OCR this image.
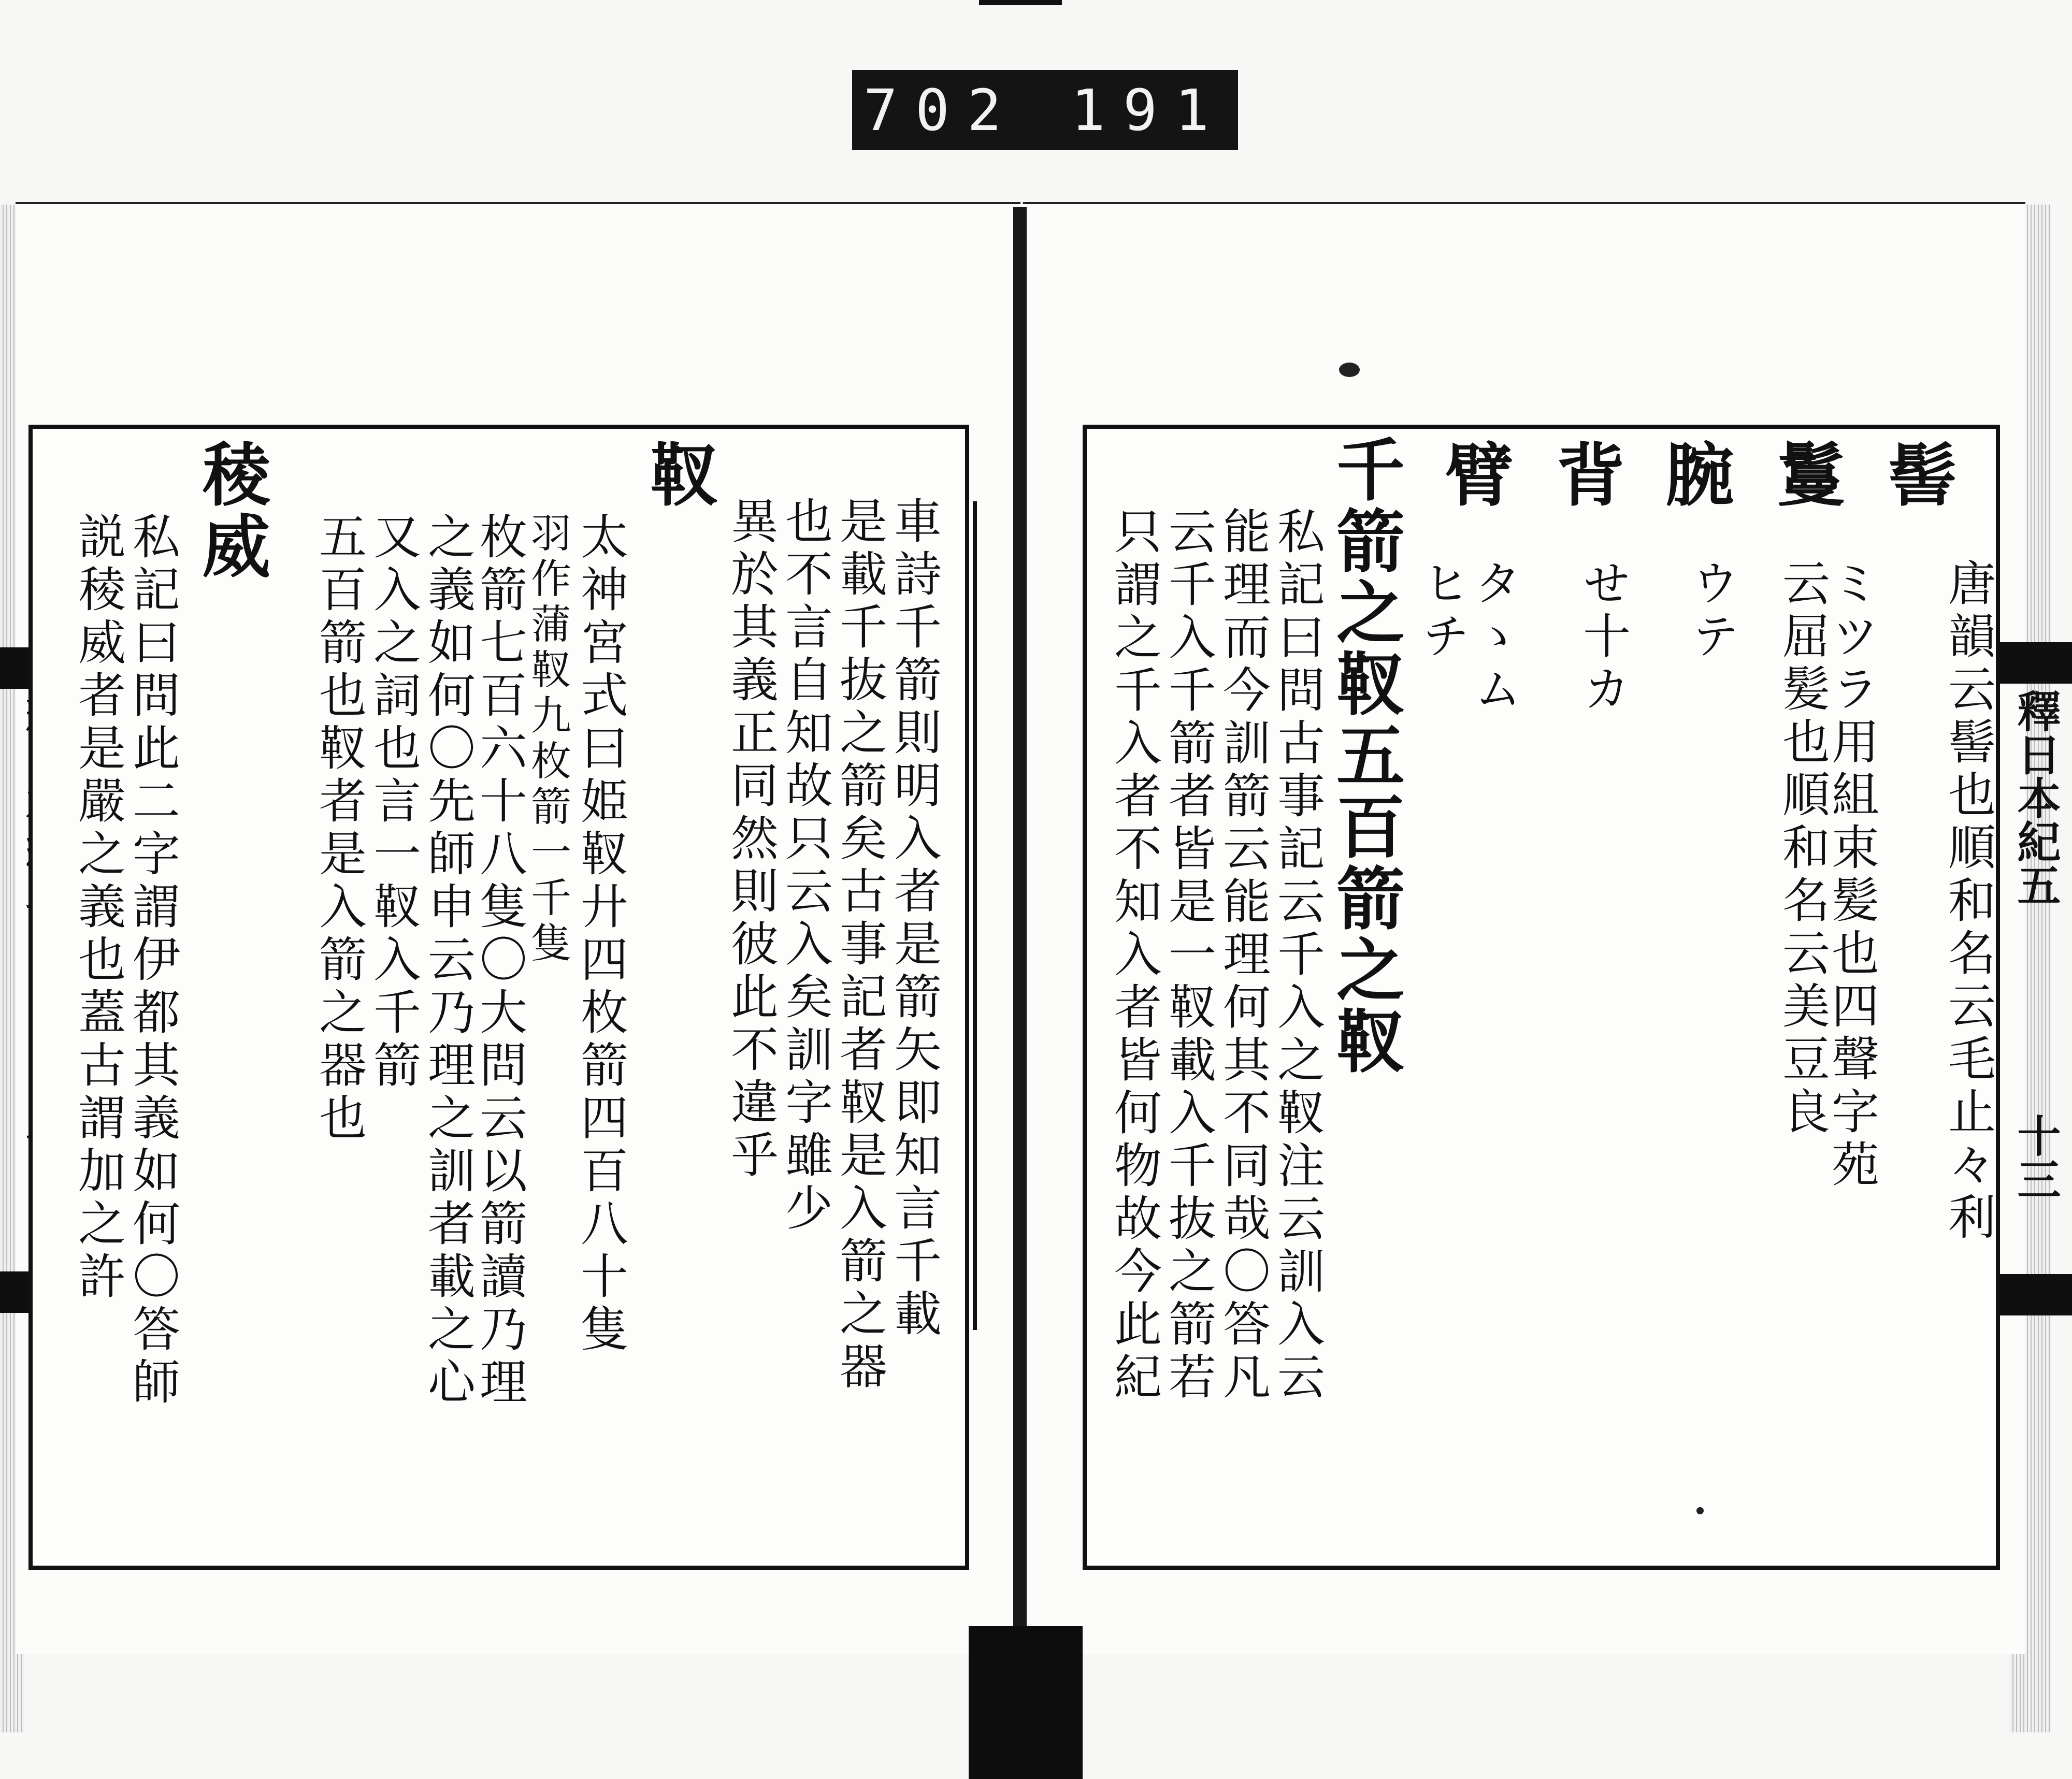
702 191
釋日本紀五
十三
靫
稜威	車詩千箭則明入者是箭矢即知言千載
是載千抜之箭矣古事記者靫是入箭之器
也不言自知故只云入矣訓字雖少
異於其義正同然則彼此不違乎
太神宮式曰姫靫廾四枚箭四百八十隻
羽作蒲靫九枚箭一千隻
枚箭七百六十八隻〇大問云以箭讀乃理
之義如何〇先師申云乃理之訓者載之心
又入之詞也言一靫入千箭
五百箭也靫者是入箭之器也
私記曰問此二字謂伊都其義如何〇答師
説稜威者是嚴之義也蓋古謂加之許
髻
唐韻云髻也順和名云毛止々利
鬘
云屈髪也順和名云美豆良
ミツラ用組束髪也四聲字苑
腕
ウテ
背
せ十カ
臂
タゝム
ヒチ
千箭之靫五百箭之靫
私記曰問古事記云千入之靫注云訓入云
能理而今訓箭云能理何其不同哉〇答凡
云千入千箭者皆是一靫載入千抜之箭若
只謂之千入者不知入者皆何物故今此紀
